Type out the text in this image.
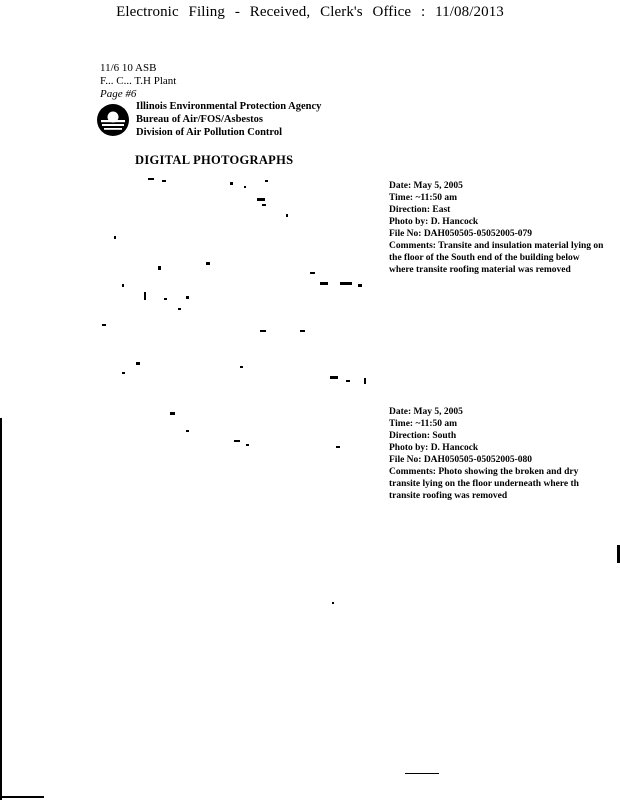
Electronic Filing - Received, Clerk's Office : 11/08/2013
11/6 10 ASB
F... C... T.H Plant
Page #6
Illinois Environmental Protection Agency
Bureau of Air/FOS/Asbestos
Division of Air Pollution Control
DIGITAL PHOTOGRAPHS
Date: May 5, 2005
Time: ~11:50 am
Direction: East
Photo by: D. Hancock
File No: DAH050505-05052005-079
Comments: Transite and insulation material lying on the floor of the South end of the building below where transite roofing material was removed
Date: May 5, 2005
Time: ~11:50 am
Direction: South
Photo by: D. Hancock
File No: DAH050505-05052005-080
Comments: Photo showing the broken and dry transite lying on the floor underneath where th transite roofing was removed
